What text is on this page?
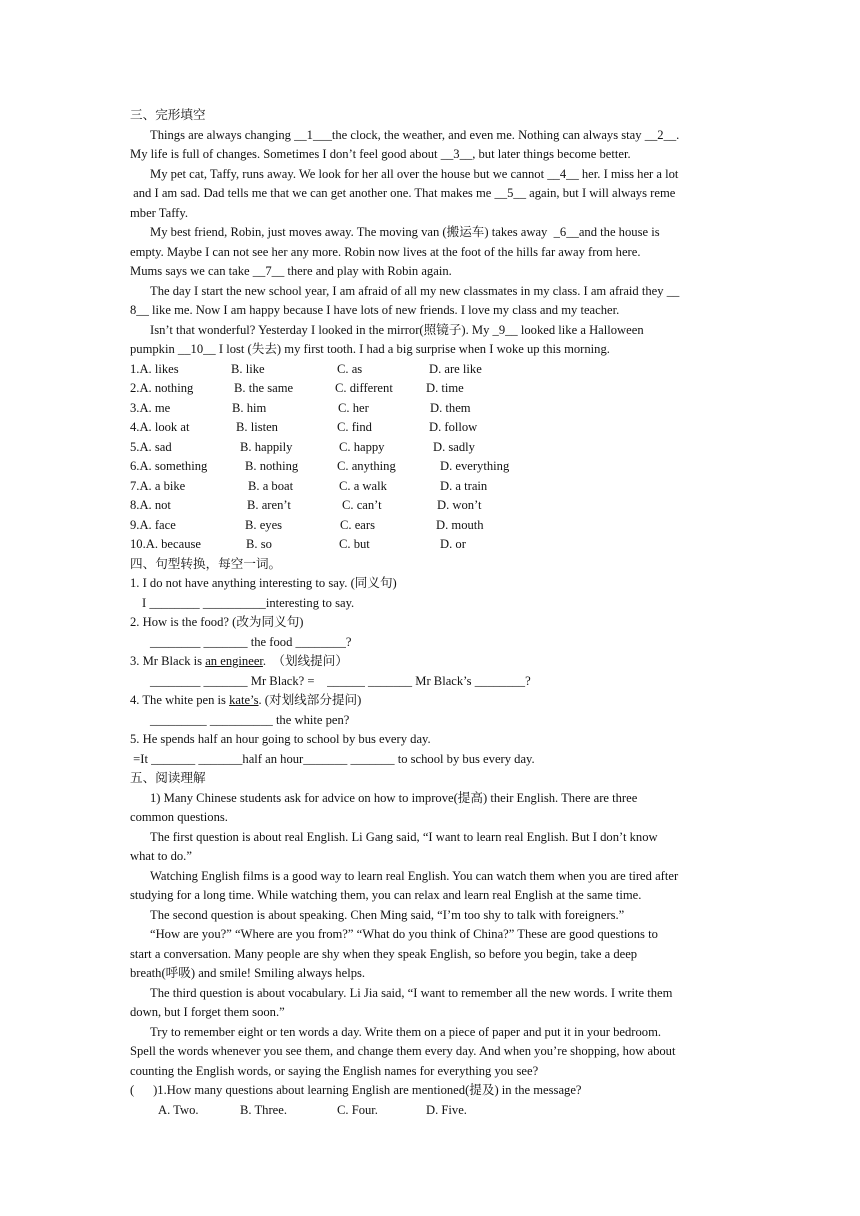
三、完形填空
Things are always changing __1___the clock, the weather, and even me. Nothing can always stay __2__.
My life is full of changes. Sometimes I don’t feel good about __3__, but later things become better.
My pet cat, Taffy, runs away. We look for her all over the house but we cannot __4__ her. I miss her a lot
and I am sad. Dad tells me that we can get another one. That makes me __5__ again, but I will always reme
mber Taffy.
My best friend, Robin, just moves away. The moving van (搬运车) takes away  _6__and the house is
empty. Maybe I can not see her any more. Robin now lives at the foot of the hills far away from here.
Mums says we can take __7__ there and play with Robin again.
The day I start the new school year, I am afraid of all my new classmates in my class. I am afraid they __
8__ like me. Now I am happy because I have lots of new friends. I love my class and my teacher.
Isn’t that wonderful? Yesterday I looked in the mirror(照镜子). My _9__ looked like a Halloween
pumpkin __10__ I lost (失去) my first tooth. I had a big surprise when I woke up this morning.
1.A. likes	B. like	C. as	D. are like
2.A. nothing	B. the same	C. different	D. time
3.A. me	B. him	C. her	D. them
4.A. look at	B. listen	C. find	D. follow
5.A. sad	B. happily	C. happy	D. sadly
6.A. something	B. nothing	C. anything	D. everything
7.A. a bike	B. a boat	C. a walk	D. a train
8.A. not	B. aren’t	C. can’t	D. won’t
9.A. face	B. eyes	C. ears	D. mouth
10.A. because	B. so	C. but	D. or
四、句型转换，每空一词。
1. I do not have anything interesting to say. (同义句)
I ________ __________interesting to say.
2. How is the food? (改为同义句)
________ _______ the food ________?
3. Mr Black is an engineer.  （划线提问）
________ _______ Mr Black? =    ______ _______ Mr Black’s ________?
4. The white pen is kate’s. (对划线部分提问)
_________ __________ the white pen?
5. He spends half an hour going to school by bus every day.
=It _______ _______half an hour_______ _______ to school by bus every day.
五、阅读理解
1) Many Chinese students ask for advice on how to improve(提高) their English. There are three
common questions.
The first question is about real English. Li Gang said, “I want to learn real English. But I don’t know
what to do.”
Watching English films is a good way to learn real English. You can watch them when you are tired after
studying for a long time. While watching them, you can relax and learn real English at the same time.
The second question is about speaking. Chen Ming said, “I’m too shy to talk with foreigners.”
“How are you?” “Where are you from?” “What do you think of China?” These are good questions to
start a conversation. Many people are shy when they speak English, so before you begin, take a deep
breath(呼吸) and smile! Smiling always helps.
The third question is about vocabulary. Li Jia said, “I want to remember all the new words. I write them
down, but I forget them soon.”
Try to remember eight or ten words a day. Write them on a piece of paper and put it in your bedroom.
Spell the words whenever you see them, and change them every day. And when you’re shopping, how about
counting the English words, or saying the English names for everything you see?
(      )1.How many questions about learning English are mentioned(提及) in the message?
A. Two.	B. Three.	C. Four.	D. Five.
